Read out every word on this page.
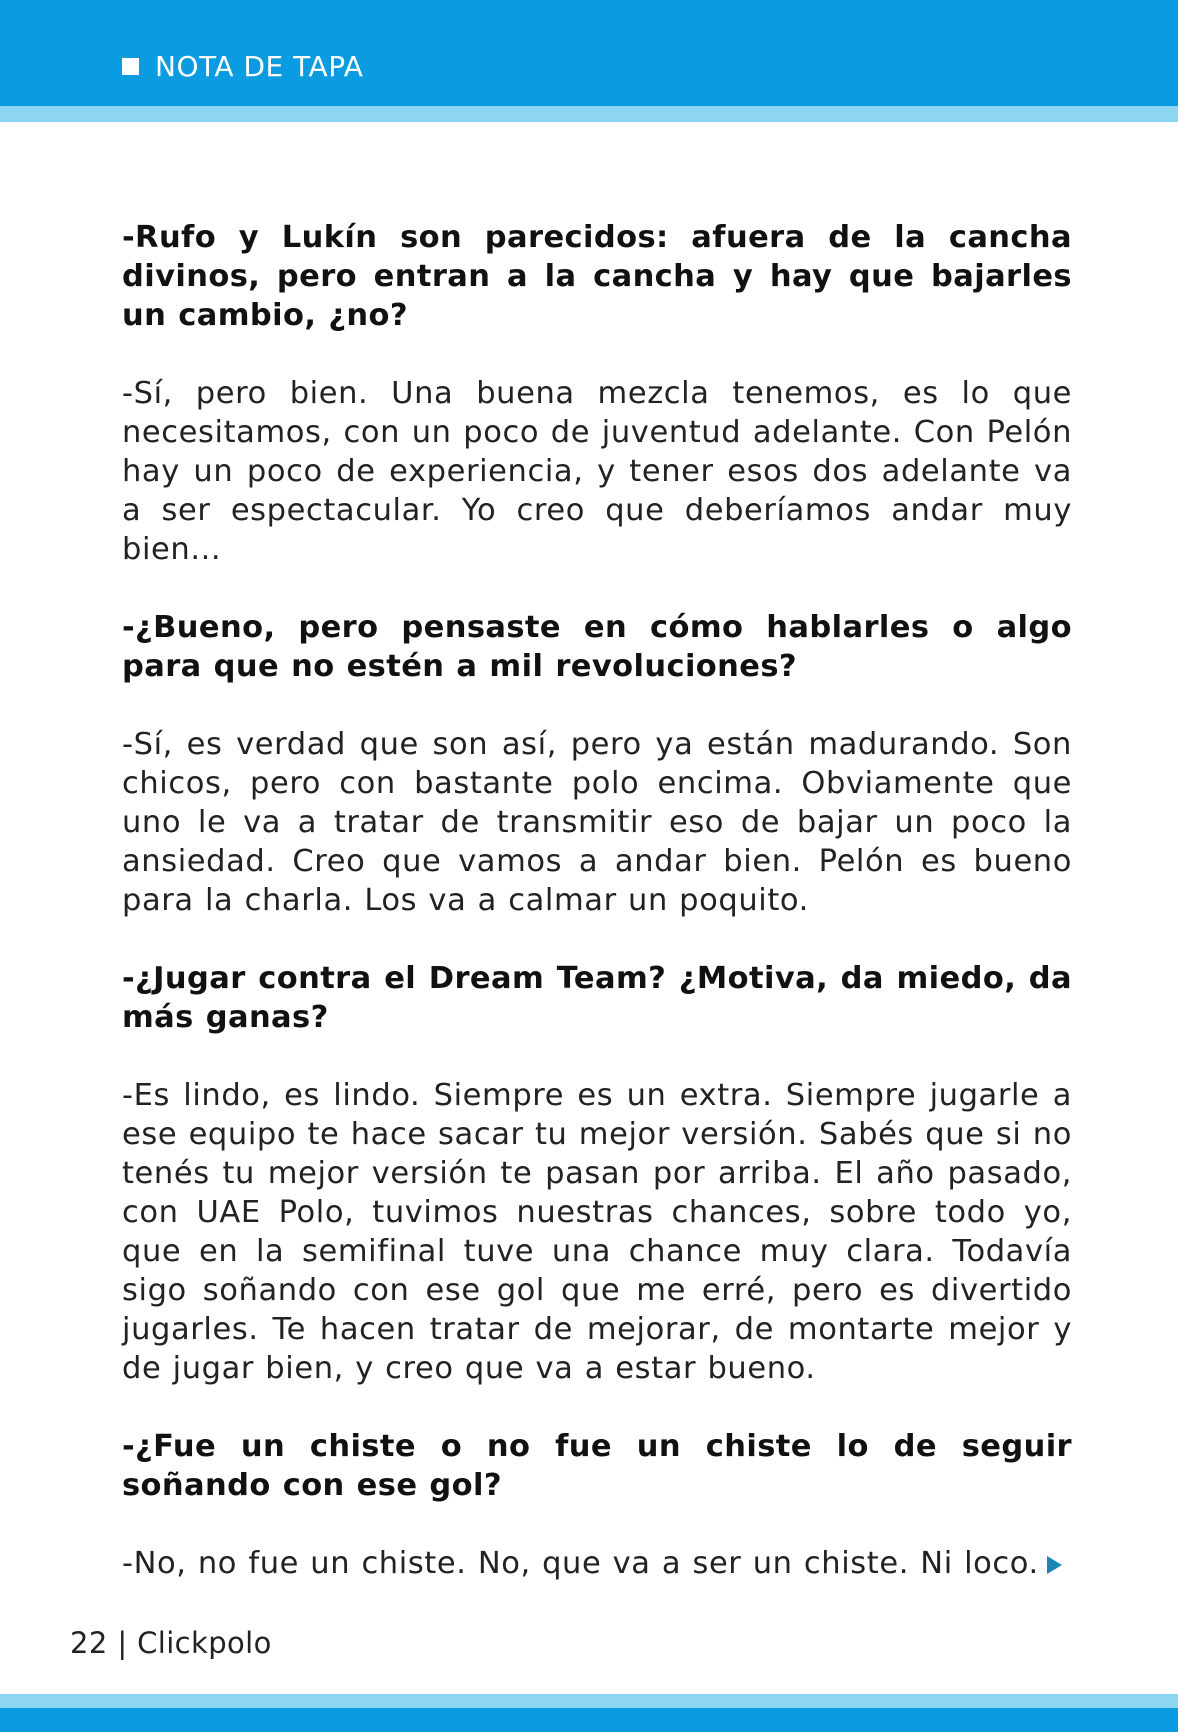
NOTA DE TAPA

-Rufo y Lukín son parecidos: afuera de la cancha divinos, pero entran a la cancha y hay que bajarles un cambio, ¿no?

-Sí, pero bien. Una buena mezcla tenemos, es lo que necesitamos, con un poco de juventud adelante. Con Pelón hay un poco de experiencia, y tener esos dos adelante va a ser espectacular. Yo creo que deberíamos andar muy bien...

-¿Bueno, pero pensaste en cómo hablarles o algo para que no estén a mil revoluciones?

-Sí, es verdad que son así, pero ya están madurando. Son chicos, pero con bastante polo encima. Obviamente que uno le va a tratar de transmitir eso de bajar un poco la ansiedad. Creo que vamos a andar bien. Pelón es bueno para la charla. Los va a calmar un poquito.

-¿Jugar contra el Dream Team? ¿Motiva, da miedo, da más ganas?

-Es lindo, es lindo. Siempre es un extra. Siempre jugarle a ese equipo te hace sacar tu mejor versión. Sabés que si no tenés tu mejor versión te pasan por arriba. El año pasado, con UAE Polo, tuvimos nuestras chances, sobre todo yo, que en la semifinal tuve una chance muy clara. Todavía sigo soñando con ese gol que me erré, pero es divertido jugarles. Te hacen tratar de mejorar, de montarte mejor y de jugar bien, y creo que va a estar bueno.

-¿Fue un chiste o no fue un chiste lo de seguir soñando con ese gol?

-No, no fue un chiste. No, que va a ser un chiste. Ni loco.

22 | Clickpolo
